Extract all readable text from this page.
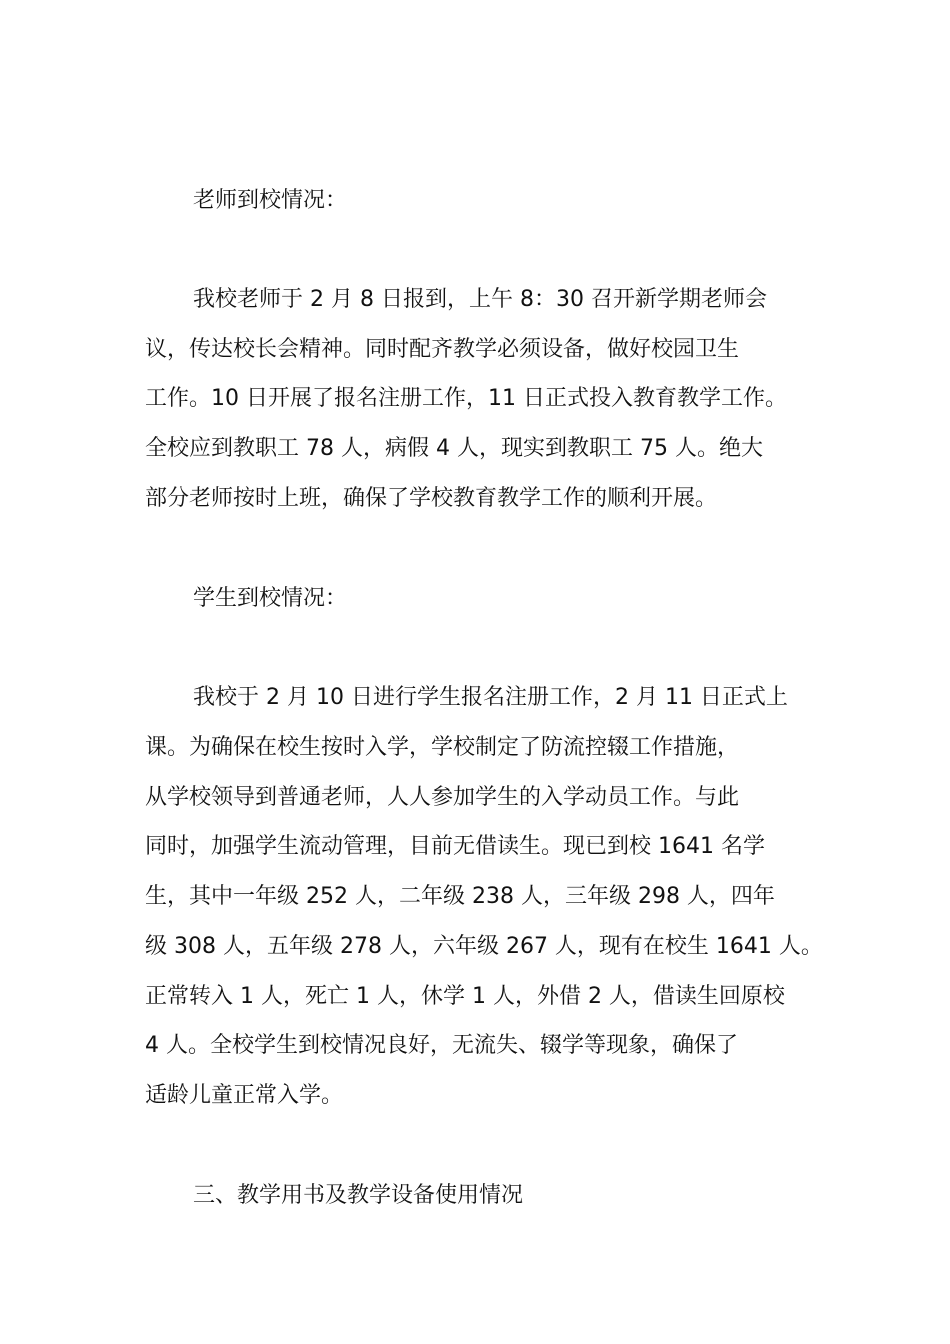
老师到校情况：

我校老师于 2 月 8 日报到，上午 8：30 召开新学期老师会

议，传达校长会精神。同时配齐教学必须设备，做好校园卫生

工作。10 日开展了报名注册工作，11 日正式投入教育教学工作。

全校应到教职工 78 人，病假 4 人，现实到教职工 75 人。绝大

部分老师按时上班，确保了学校教育教学工作的顺利开展。

学生到校情况：

我校于 2 月 10 日进行学生报名注册工作，2 月 11 日正式上

课。为确保在校生按时入学，学校制定了防流控辍工作措施，

从学校领导到普通老师，人人参加学生的入学动员工作。与此

同时，加强学生流动管理，目前无借读生。现已到校 1641 名学

生，其中一年级 252 人，二年级 238 人，三年级 298 人，四年

级 308 人，五年级 278 人，六年级 267 人，现有在校生 1641 人。

正常转入 1 人，死亡 1 人，休学 1 人，外借 2 人，借读生回原校

4 人。全校学生到校情况良好，无流失、辍学等现象，确保了

适龄儿童正常入学。

三、教学用书及教学设备使用情况
